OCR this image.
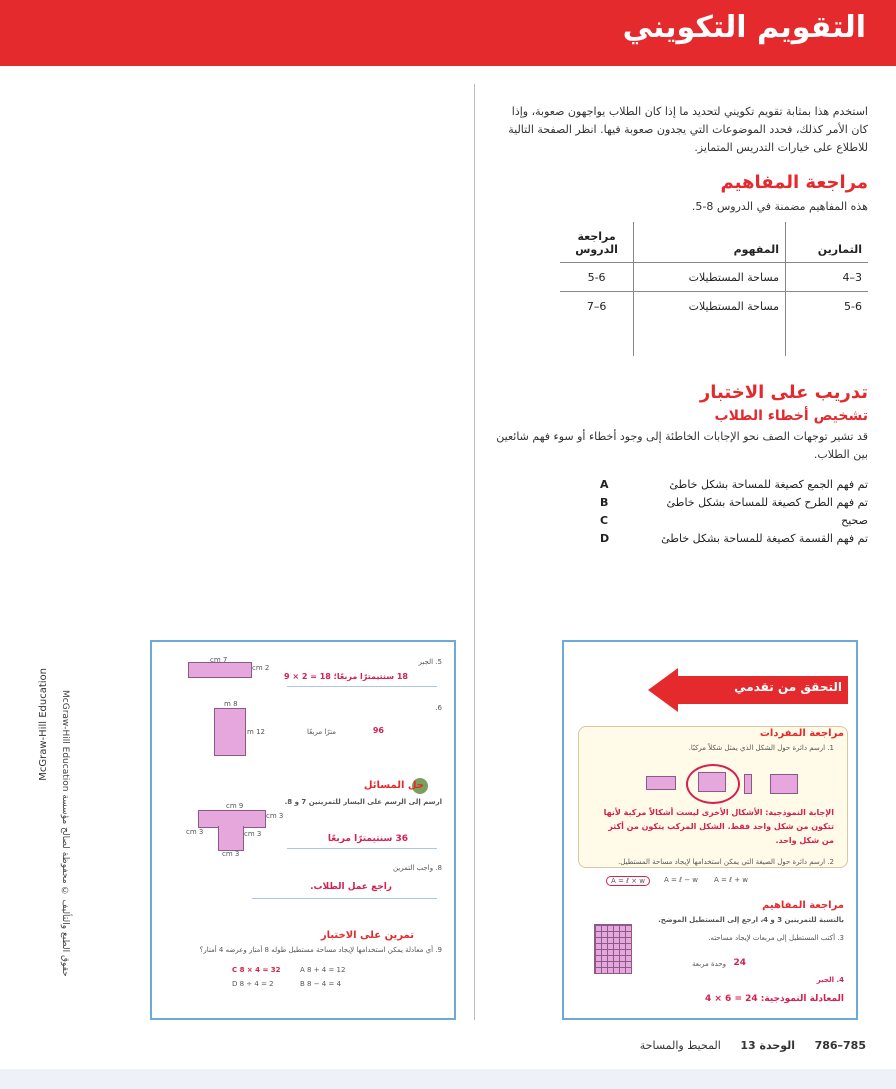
التقويم التكويني

استخدم هذا بمثابة تقويم تكويني لتحديد ما إذا كان الطلاب يواجهون صعوبة، وإذا كان الأمر كذلك، فحدد الموضوعات التي يجدون صعوبة فيها. انظر الصفحة التالية للاطلاع على خيارات التدريس المتمايز.

مراجعة المفاهيم
هذه المفاهيم مضمنة في الدروس 8-5.
التمارين	المفهوم	مراجعة الدروس
3–4	مساحة المستطيلات	5-6
5-6	مساحة المستطيلات	6–7

تدريب على الاختبار
تشخيص أخطاء الطلاب

قد تشير توجهات الصف نحو الإجابات الخاطئة إلى وجود أخطاء أو سوء فهم شائعين بين الطلاب.

تم فهم الجمع كصيغة للمساحة بشكل خاطئ
A
تم فهم الطرح كصيغة للمساحة بشكل خاطئ
B
صحيح
C
تم فهم القسمة كصيغة للمساحة بشكل خاطئ
D
7 cm
2 cm
5. الجبر
18 سنتيمترًا مربعًا؛ 18 = 2 × 9
8 m
12 m
6.
96
مترًا مربعًا
حل المسائل
ارسم إلى الرسم على اليسار للتمرينين 7 و 8.
9 cm
3 cm
3 cm	3 cm
3 cm
36 سنتيمترًا مربعًا
8. واجب التمرين
راجع عمل الطلاب.
تمرين على الاختبار
9. أي معادلة يمكن استخدامها لإيجاد مساحة مستطيل طوله 8 أمتار وعرضه 4 أمتار؟
A 8 + 4 = 12
B 8 − 4 = 4
C 8 × 4 = 32
D 8 ÷ 4 = 2
McGraw-Hill Education حقوق الطبع والتأليف © محفوظة لصالح مؤسسة McGraw-Hill Education
التحقق من تقدمي
مراجعة المفردات
1. ارسم دائرة حول الشكل الذي يمثل شكلاً مركبًا.
الإجابة النموذجية: الأشكال الأخرى ليست أشكالاً مركبة لأنها تتكون من شكل واحد فقط. الشكل المركب يتكون من أكثر من شكل واحد.
2. ارسم دائرة حول الصيغة التي يمكن استخدامها لإيجاد مساحة المستطيل.
A = ℓ + w
A = ℓ − w
A = ℓ × w
مراجعة المفاهيم
بالنسبة للتمرينين 3 و 4، ارجع إلى المستطيل الموضح.
3. أكتب المستطيل إلى مربعات لإيجاد مساحته.
24
وحدة مربعة
4. الجبر
المعادلة النموذجية: 24 = 6 × 4
785–786 الوحدة 13 المحيط والمساحة
